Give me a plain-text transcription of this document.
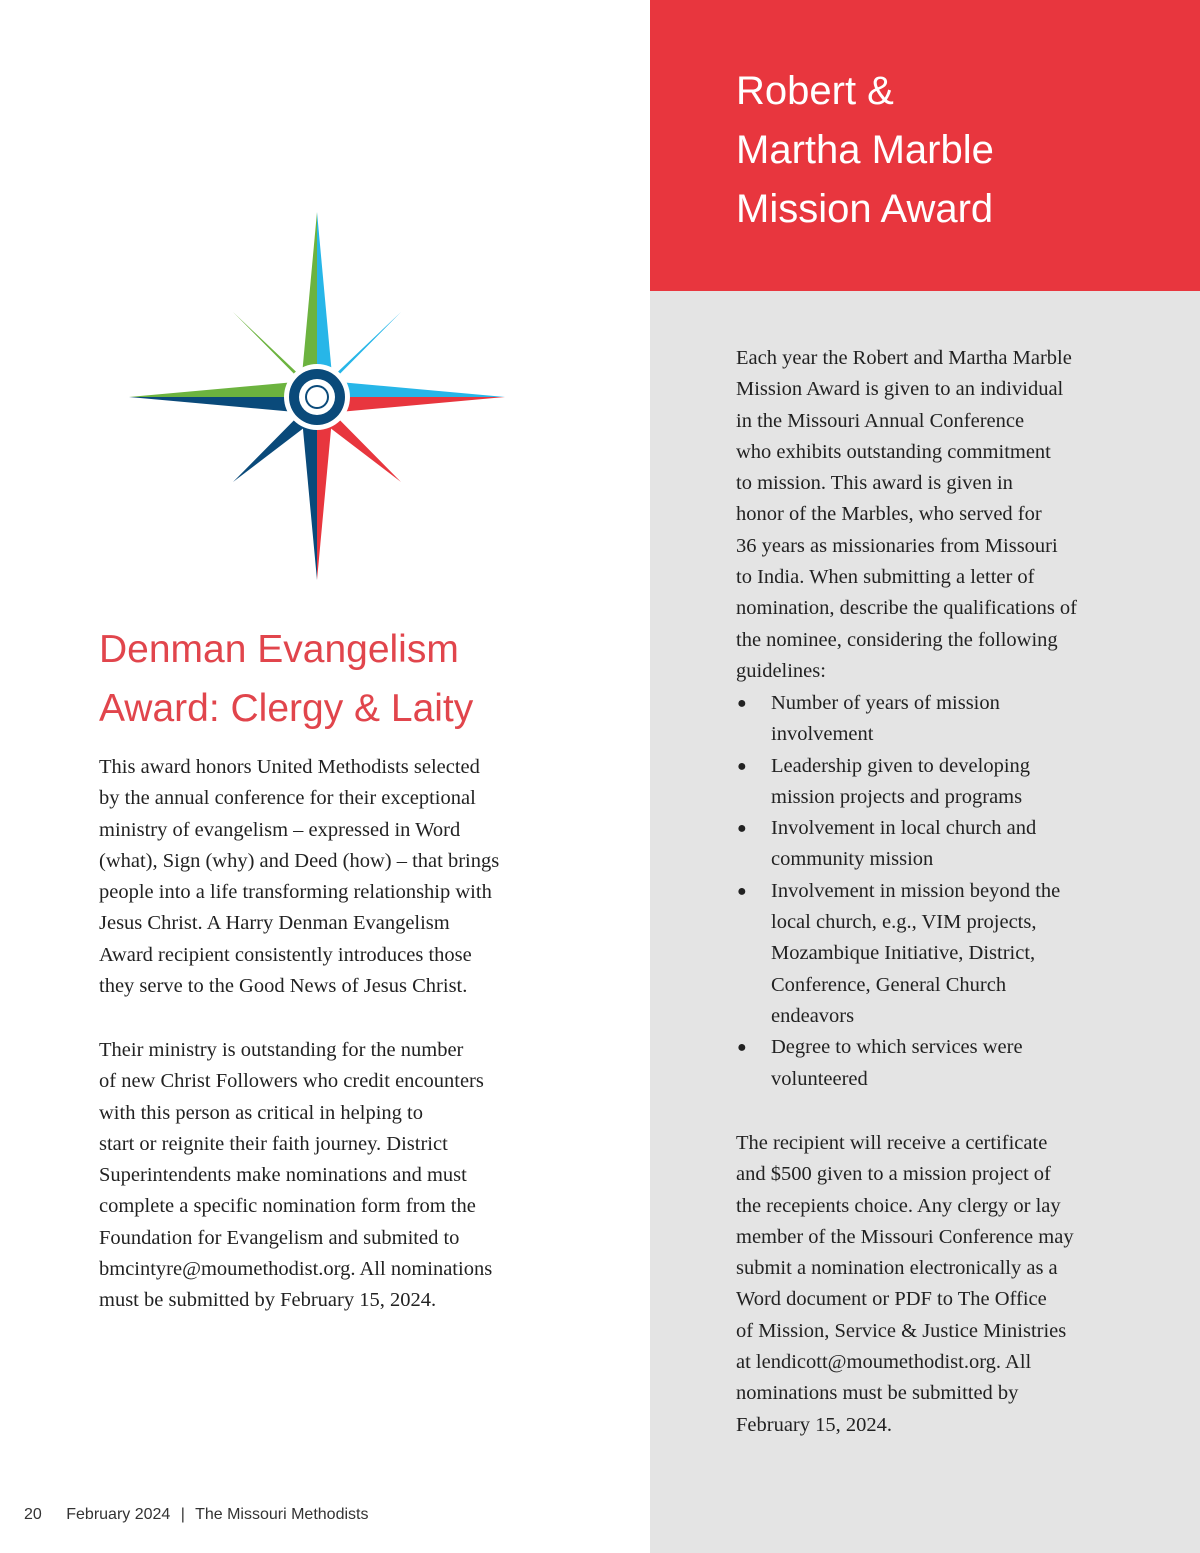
Robert &
Martha Marble
Mission Award
Denman Evangelism
Award: Clergy & Laity
This award honors United Methodists selected
by the annual conference for their exceptional
ministry of evangelism – expressed in Word
(what), Sign (why) and Deed (how) – that brings
people into a life transforming relationship with
Jesus Christ. A Harry Denman Evangelism
Award recipient consistently introduces those
they serve to the Good News of Jesus Christ.
Their ministry is outstanding for the number
of new Christ Followers who credit encounters
with this person as critical in helping to
start or reignite their faith journey. District
Superintendents make nominations and must
complete a specific nomination form from the
Foundation for Evangelism and submited to
bmcintyre@moumethodist.org. All nominations
must be submitted by February 15, 2024.
Each year the Robert and Martha Marble
Mission Award is given to an individual
in the Missouri Annual Conference
who exhibits outstanding commitment
to mission. This award is given in
honor of the Marbles, who served for
36 years as missionaries from Missouri
to India. When submitting a letter of
nomination, describe the qualifications of
the nominee, considering the following
guidelines:
● Number of years of mission
involvement
● Leadership given to developing
mission projects and programs
● Involvement in local church and
community mission
● Involvement in mission beyond the
local church, e.g., VIM projects,
Mozambique Initiative, District,
Conference, General Church
endeavors
● Degree to which services were
volunteered
The recipient will receive a certificate
and $500 given to a mission project of
the recepients choice. Any clergy or lay
member of the Missouri Conference may
submit a nomination electronically as a
Word document or PDF to The Office
of Mission, Service & Justice Ministries
at lendicott@moumethodist.org. All
nominations must be submitted by
February 15, 2024.
20 February 2024 | The Missouri Methodists
